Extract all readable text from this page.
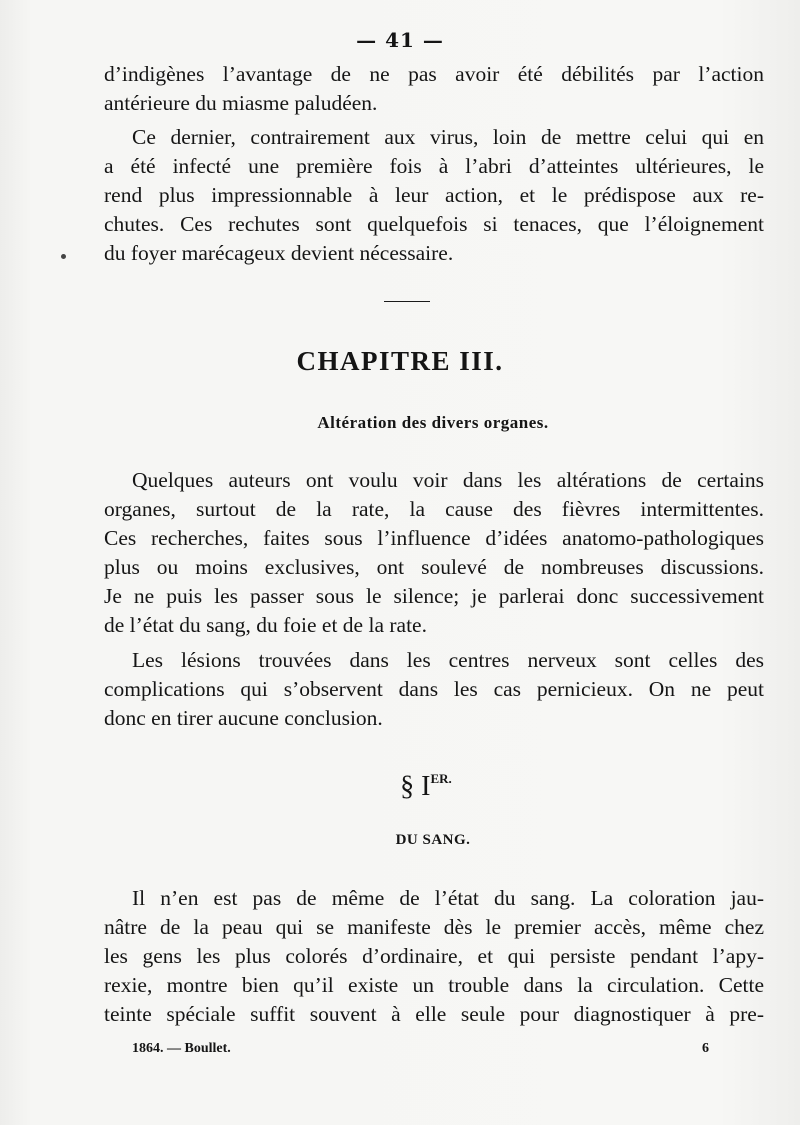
— 41 —
d’indigènes l’avantage de ne pas avoir été débilités par l’action
antérieure du miasme paludéen.
Ce dernier, contrairement aux virus, loin de mettre celui qui en
a été infecté une première fois à l’abri d’atteintes ultérieures, le
rend plus impressionnable à leur action, et le prédispose aux re-
chutes. Ces rechutes sont quelquefois si tenaces, que l’éloignement
du foyer marécageux devient nécessaire.
CHAPITRE III.
Altération des divers organes.
Quelques auteurs ont voulu voir dans les altérations de certains
organes, surtout de la rate, la cause des fièvres intermittentes.
Ces recherches, faites sous l’influence d’idées anatomo-pathologiques
plus ou moins exclusives, ont soulevé de nombreuses discussions.
Je ne puis les passer sous le silence; je parlerai donc successivement
de l’état du sang, du foie et de la rate.
Les lésions trouvées dans les centres nerveux sont celles des
complications qui s’observent dans les cas pernicieux. On ne peut
donc en tirer aucune conclusion.
§ $I^{ER.}$
DU SANG.
Il n’en est pas de même de l’état du sang. La coloration jau-
nâtre de la peau qui se manifeste dès le premier accès, même chez
les gens les plus colorés d’ordinaire, et qui persiste pendant l’apy-
rexie, montre bien qu’il existe un trouble dans la circulation. Cette
teinte spéciale suffit souvent à elle seule pour diagnostiquer à pre-
1864. — Boullet.	6
